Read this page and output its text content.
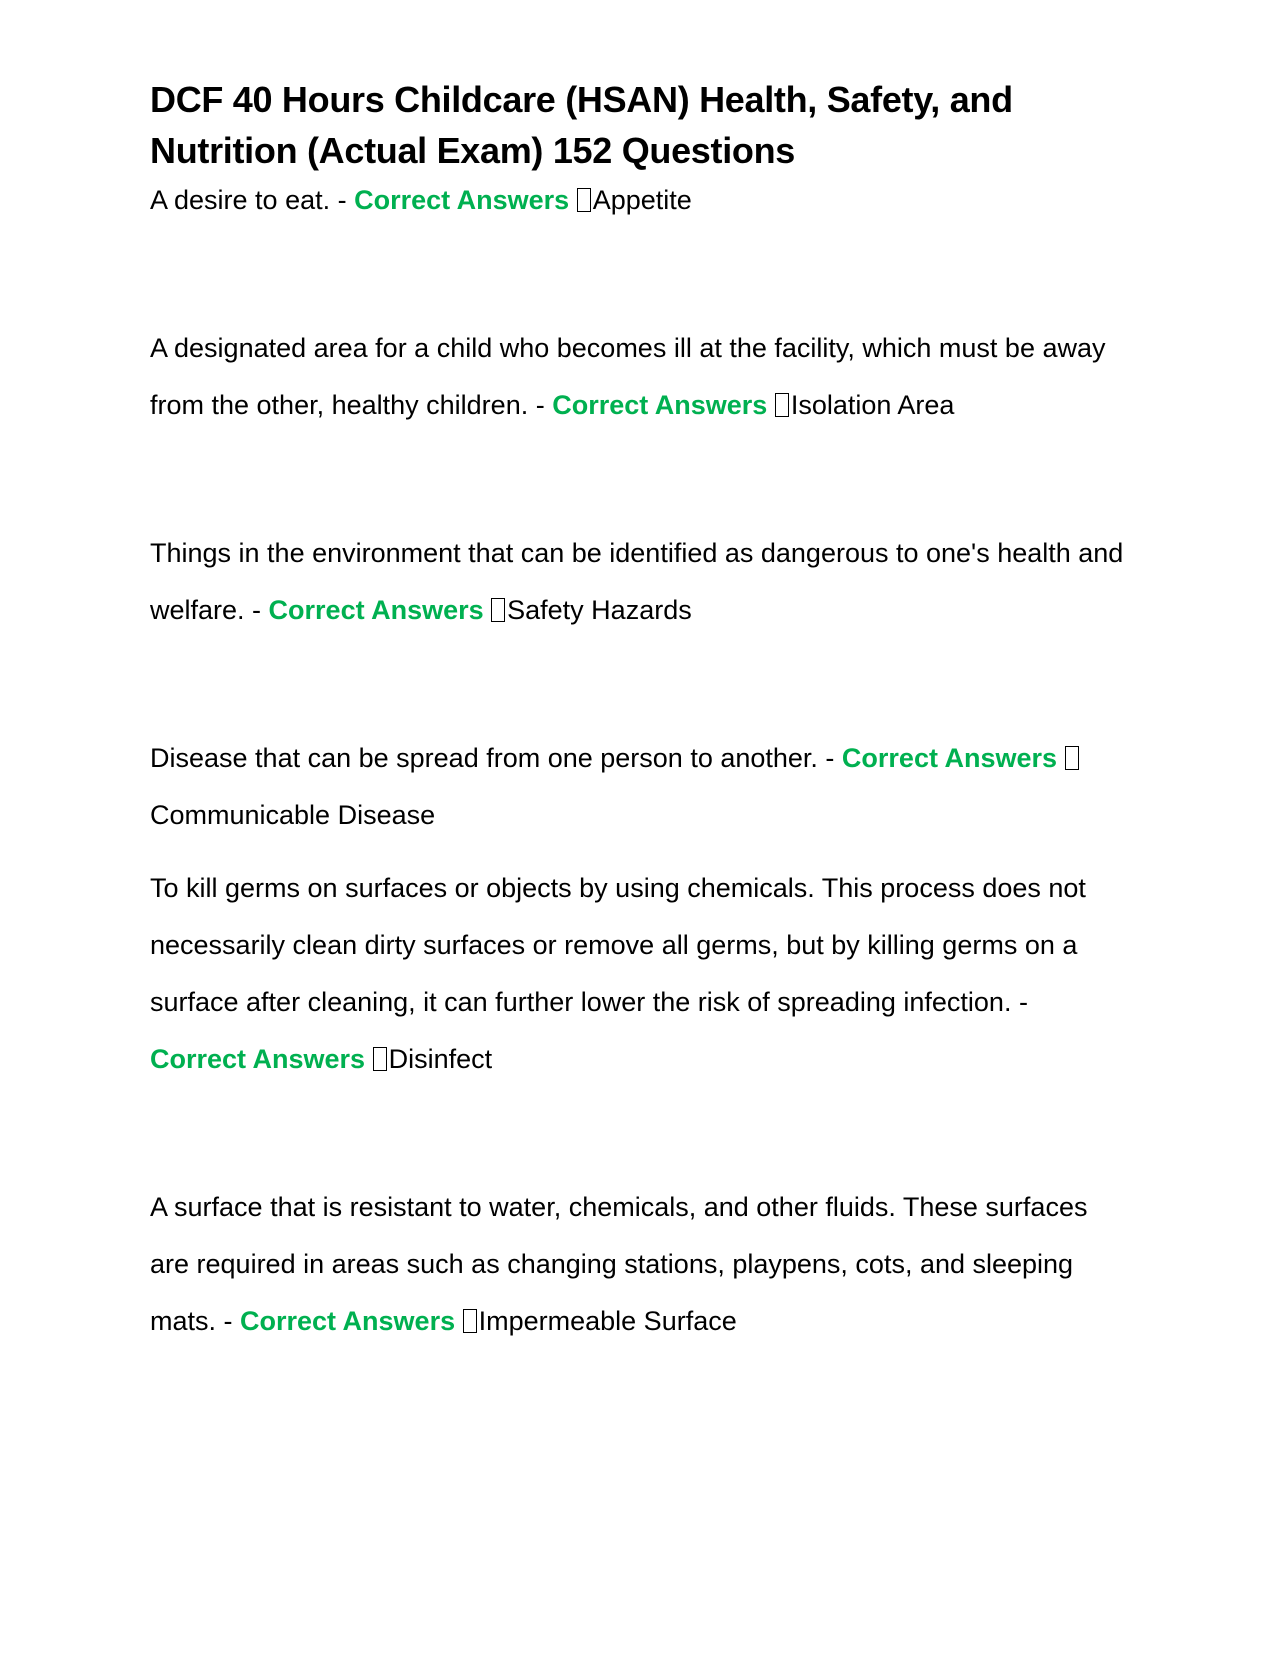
DCF 40 Hours Childcare (HSAN) Health, Safety, and Nutrition (Actual Exam) 152 Questions

A desire to eat. - Correct Answers Appetite

A designated area for a child who becomes ill at the facility, which must be away from the other, healthy children. - Correct Answers Isolation Area

Things in the environment that can be identified as dangerous to one's health and welfare. - Correct Answers Safety Hazards

Disease that can be spread from one person to another. - Correct Answers Communicable Disease

To kill germs on surfaces or objects by using chemicals. This process does not necessarily clean dirty surfaces or remove all germs, but by killing germs on a surface after cleaning, it can further lower the risk of spreading infection. - Correct Answers Disinfect

A surface that is resistant to water, chemicals, and other fluids. These surfaces are required in areas such as changing stations, playpens, cots, and sleeping mats. - Correct Answers Impermeable Surface
